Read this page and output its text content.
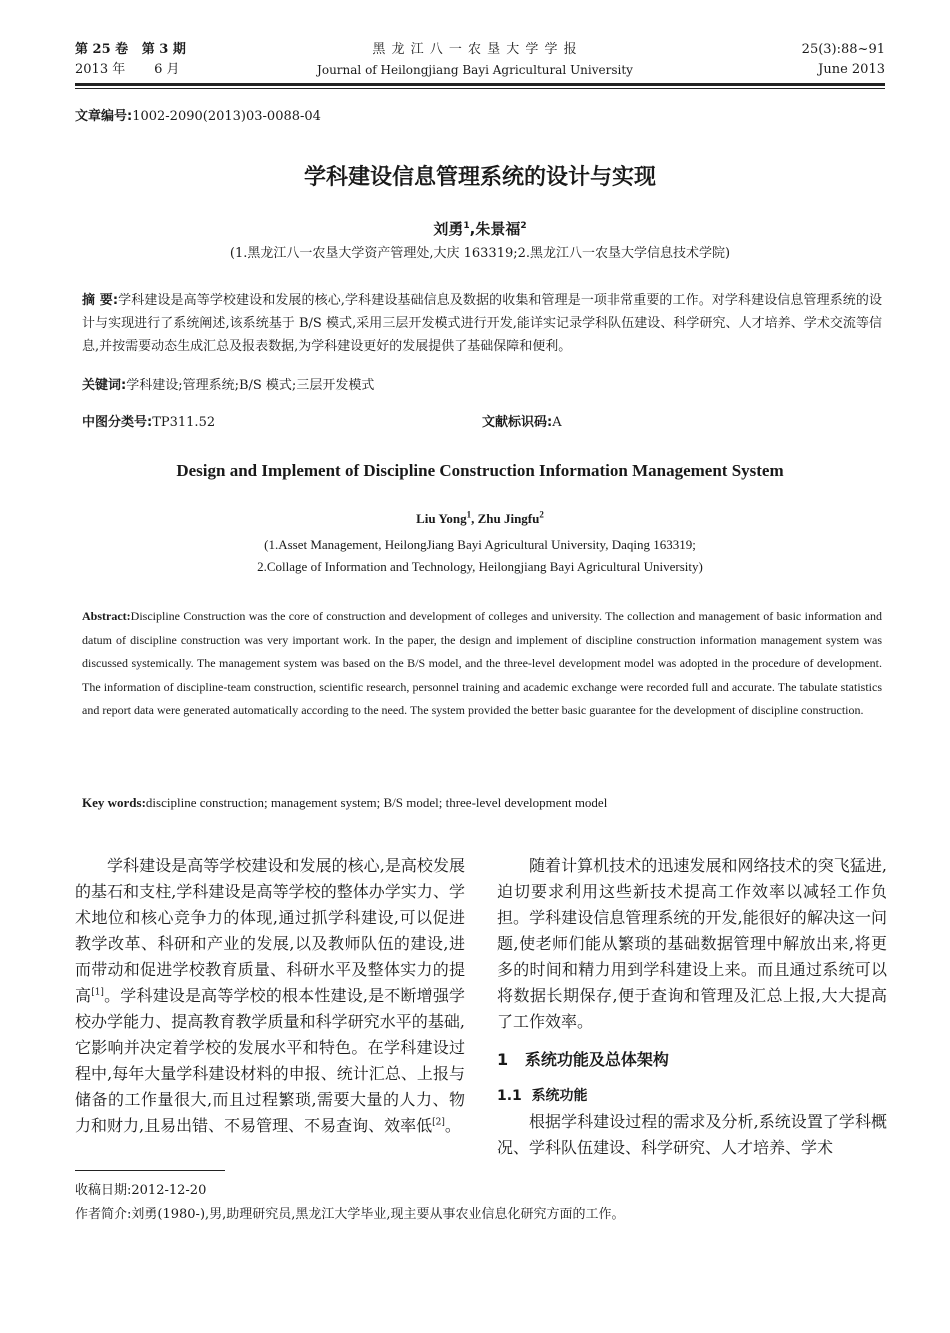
第 25 卷 第 3 期
2013 年 6 月
黑 龙 江 八 一 农 垦 大 学 学 报
Journal of Heilongjiang Bayi Agricultural University
25(3):88~91
June 2013
文章编号:1002-2090(2013)03-0088-04
学科建设信息管理系统的设计与实现
刘勇$^1$,朱景福$^2$
(1.黑龙江八一农垦大学资产管理处,大庆 163319;2.黑龙江八一农垦大学信息技术学院)
摘 要:学科建设是高等学校建设和发展的核心,学科建设基础信息及数据的收集和管理是一项非常重要的工作。对学科建设信息管理系统的设计与实现进行了系统阐述,该系统基于 B/S 模式,采用三层开发模式进行开发,能详实记录学科队伍建设、科学研究、人才培养、学术交流等信息,并按需要动态生成汇总及报表数据,为学科建设更好的发展提供了基础保障和便利。
关键词:学科建设;管理系统;B/S 模式;三层开发模式
中图分类号:TP311.52	文献标识码:A
Design and Implement of Discipline Construction Information Management System
Liu Yong$^1$, Zhu Jingfu$^2$
(1.Asset Management, HeilongJiang Bayi Agricultural University, Daqing 163319;
2.Collage of Information and Technology, Heilongjiang Bayi Agricultural University)
Abstract:Discipline Construction was the core of construction and development of colleges and university. The collection and management of basic information and datum of discipline construction was very important work. In the paper, the design and implement of discipline construction information management system was discussed systemically. The management system was based on the B/S model, and the three-level development model was adopted in the procedure of development. The information of discipline-team construction, scientific research, personnel training and academic exchange were recorded full and accurate. The tabulate statistics and report data were generated automatically according to the need. The system provided the better basic guarantee for the development of discipline construction.
Key words:discipline construction; management system; B/S model; three-level development model

学科建设是高等学校建设和发展的核心,是高校发展的基石和支柱,学科建设是高等学校的整体办学实力、学术地位和核心竞争力的体现,通过抓学科建设,可以促进教学改革、科研和产业的发展,以及教师队伍的建设,进而带动和促进学校教育质量、科研水平及整体实力的提高[1]。学科建设是高等学校的根本性建设,是不断增强学校办学能力、提高教育教学质量和科学研究水平的基础,它影响并决定着学校的发展水平和特色。在学科建设过程中,每年大量学科建设材料的申报、统计汇总、上报与储备的工作量很大,而且过程繁琐,需要大量的人力、物力和财力,且易出错、不易管理、不易查询、效率低[2]。

随着计算机技术的迅速发展和网络技术的突飞猛进,迫切要求利用这些新技术提高工作效率以减轻工作负担。学科建设信息管理系统的开发,能很好的解决这一问题,使老师们能从繁琐的基础数据管理中解放出来,将更多的时间和精力用到学科建设上来。而且通过系统可以将数据长期保存,便于查询和管理及汇总上报,大大提高了工作效率。

1 系统功能及总体架构

1.1 系统功能

根据学科建设过程的需求及分析,系统设置了学科概况、学科队伍建设、科学研究、人才培养、学术

收稿日期:2012-12-20
作者简介:刘勇(1980-),男,助理研究员,黑龙江大学毕业,现主要从事农业信息化研究方面的工作。
